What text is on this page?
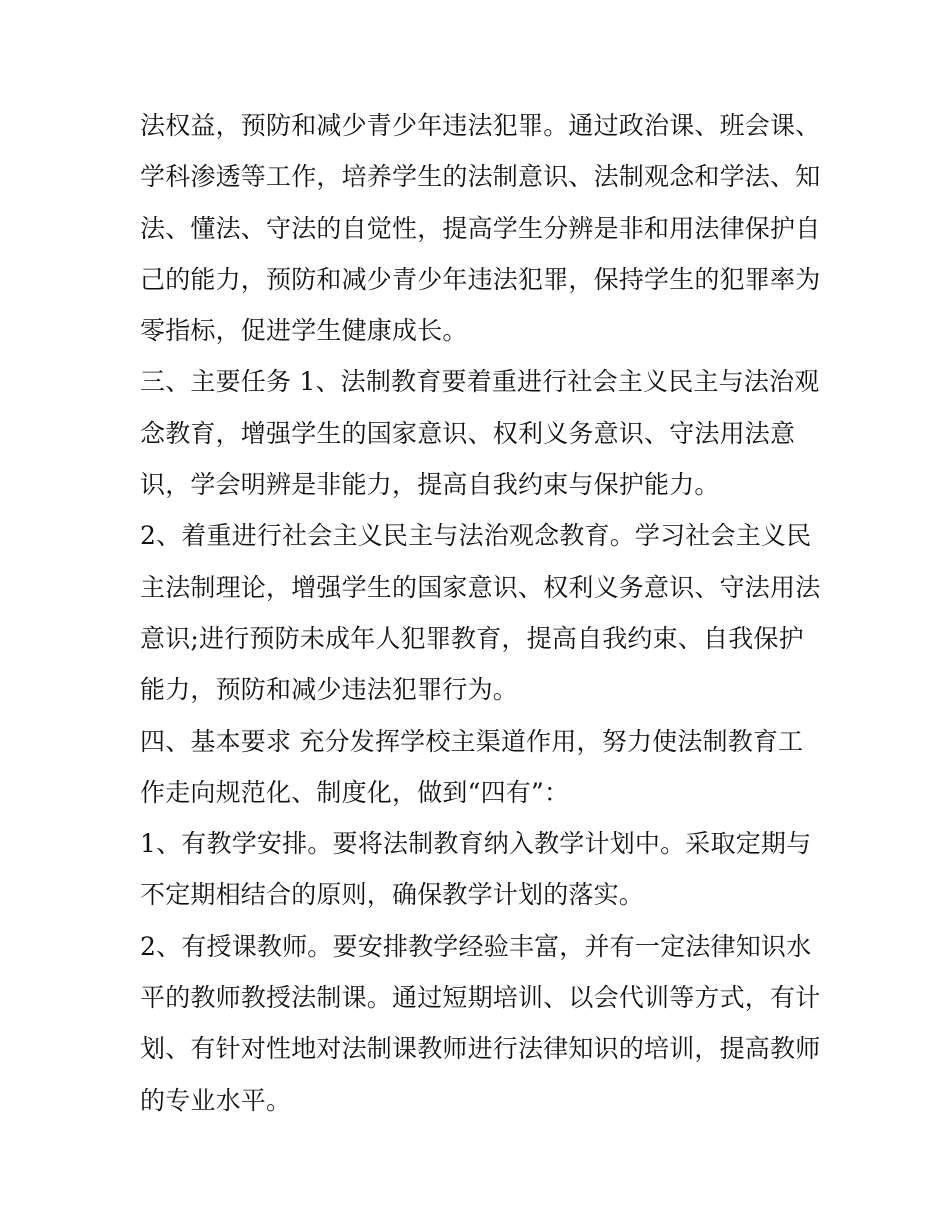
法权益，预防和减少青少年违法犯罪。通过政治课、班会课、
学科渗透等工作，培养学生的法制意识、法制观念和学法、知
法、懂法、守法的自觉性，提高学生分辨是非和用法律保护自
己的能力，预防和减少青少年违法犯罪，保持学生的犯罪率为
零指标，促进学生健康成长。
三、主要任务 1、法制教育要着重进行社会主义民主与法治观
念教育，增强学生的国家意识、权利义务意识、守法用法意
识，学会明辨是非能力，提高自我约束与保护能力。
2、着重进行社会主义民主与法治观念教育。学习社会主义民
主法制理论，增强学生的国家意识、权利义务意识、守法用法
意识;进行预防未成年人犯罪教育，提高自我约束、自我保护
能力，预防和减少违法犯罪行为。
四、基本要求 充分发挥学校主渠道作用，努力使法制教育工
作走向规范化、制度化，做到“四有”：
1、有教学安排。要将法制教育纳入教学计划中。采取定期与
不定期相结合的原则，确保教学计划的落实。
2、有授课教师。要安排教学经验丰富，并有一定法律知识水
平的教师教授法制课。通过短期培训、以会代训等方式，有计
划、有针对性地对法制课教师进行法律知识的培训，提高教师
的专业水平。
